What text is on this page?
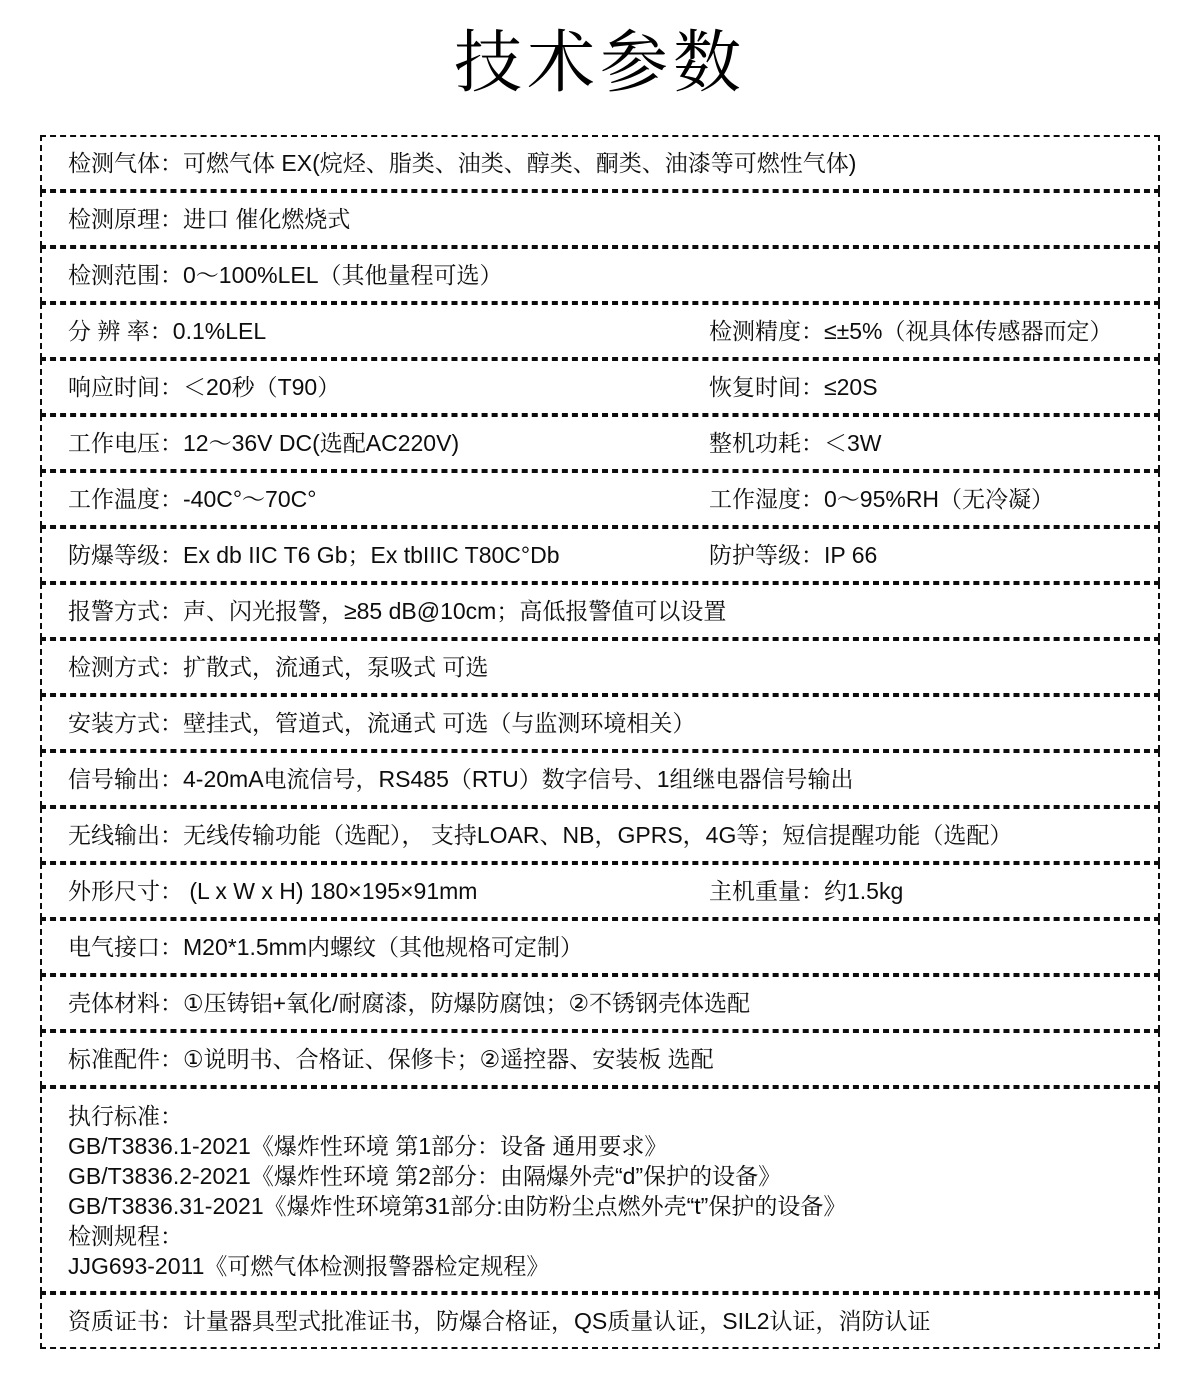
技术参数
检测气体：可燃气体 EX(烷烃、脂类、油类、醇类、酮类、油漆等可燃性气体)
检测原理：进口 催化燃烧式
检测范围：0～100%LEL（其他量程可选）
分 辨 率：0.1%LEL	检测精度：≤±5%（视具体传感器而定）
响应时间：＜20秒（T90）	恢复时间：≤20S
工作电压：12～36V DC(选配AC220V)	整机功耗：＜3W
工作温度：-40C°～70C°	工作湿度：0～95%RH（无冷凝）
防爆等级：Ex db IIC T6 Gb；Ex tbIIIC T80C°Db	防护等级：IP 66
报警方式：声、闪光报警，≥85 dB@10cm；高低报警值可以设置
检测方式：扩散式，流通式，泵吸式 可选
安装方式：壁挂式，管道式，流通式 可选（与监测环境相关）
信号输出：4-20mA电流信号，RS485（RTU）数字信号、1组继电器信号输出
无线输出：无线传输功能（选配）， 支持LOAR、NB，GPRS，4G等；短信提醒功能（选配）
外形尺寸： (L x W x H) 180×195×91mm	主机重量：约1.5kg
电气接口：M20*1.5mm内螺纹（其他规格可定制）
壳体材料：①压铸铝+氧化/耐腐漆，防爆防腐蚀；②不锈钢壳体选配
标准配件：①说明书、合格证、保修卡；②遥控器、安装板 选配
执行标准：
GB/T3836.1-2021《爆炸性环境 第1部分：设备 通用要求》
GB/T3836.2-2021《爆炸性环境 第2部分：由隔爆外壳“d”保护的设备》
GB/T3836.31-2021《爆炸性环境第31部分:由防粉尘点燃外壳“t”保护的设备》
检测规程：
JJG693-2011《可燃气体检测报警器检定规程》
资质证书：计量器具型式批准证书，防爆合格证，QS质量认证，SIL2认证，消防认证
